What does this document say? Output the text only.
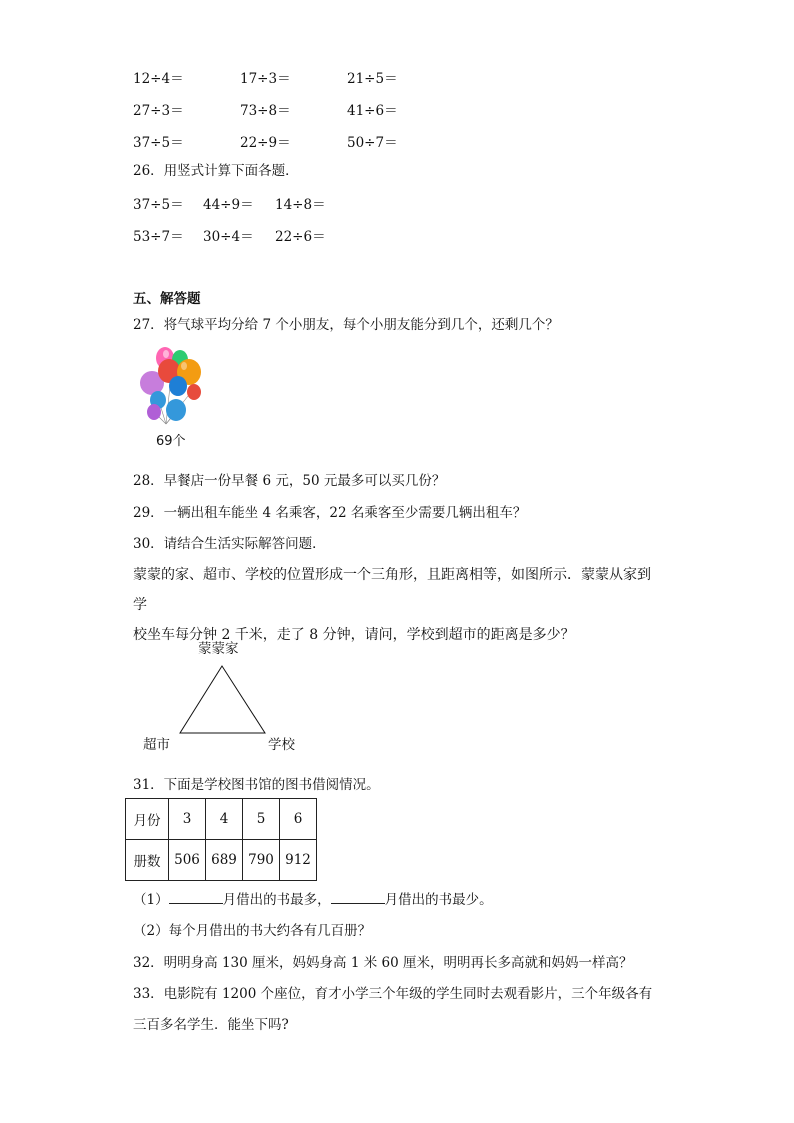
12÷4＝	17÷3＝	21÷5＝
27÷3＝	73÷8＝	41÷6＝
37÷5＝	22÷9＝	50÷7＝
26．用竖式计算下面各题．
37÷5＝ 44÷9＝ 14÷8＝
53÷7＝ 30÷4＝ 22÷6＝
五、解答题
27．将气球平均分给 7 个小朋友，每个小朋友能分到几个，还剩几个？
69个
28．早餐店一份早餐 6 元，50 元最多可以买几份？
29．一辆出租车能坐 4 名乘客，22 名乘客至少需要几辆出租车？
30．请结合生活实际解答问题．
蒙蒙的家、超市、学校的位置形成一个三角形，且距离相等，如图所示．蒙蒙从家到学
校坐车每分钟 2 千米，走了 8 分钟，请问，学校到超市的距离是多少？
蒙蒙家
超市	学校
31．下面是学校图书馆的图书借阅情况。
月份	3	4	5	6
册数	506	689	790	912
（1）	月借出的书最多，	月借出的书最少。
（2）每个月借出的书大约各有几百册？
32．明明身高 130 厘米，妈妈身高 1 米 60 厘米，明明再长多高就和妈妈一样高？
33．电影院有 1200 个座位，育才小学三个年级的学生同时去观看影片，三个年级各有
三百多名学生．能坐下吗?
